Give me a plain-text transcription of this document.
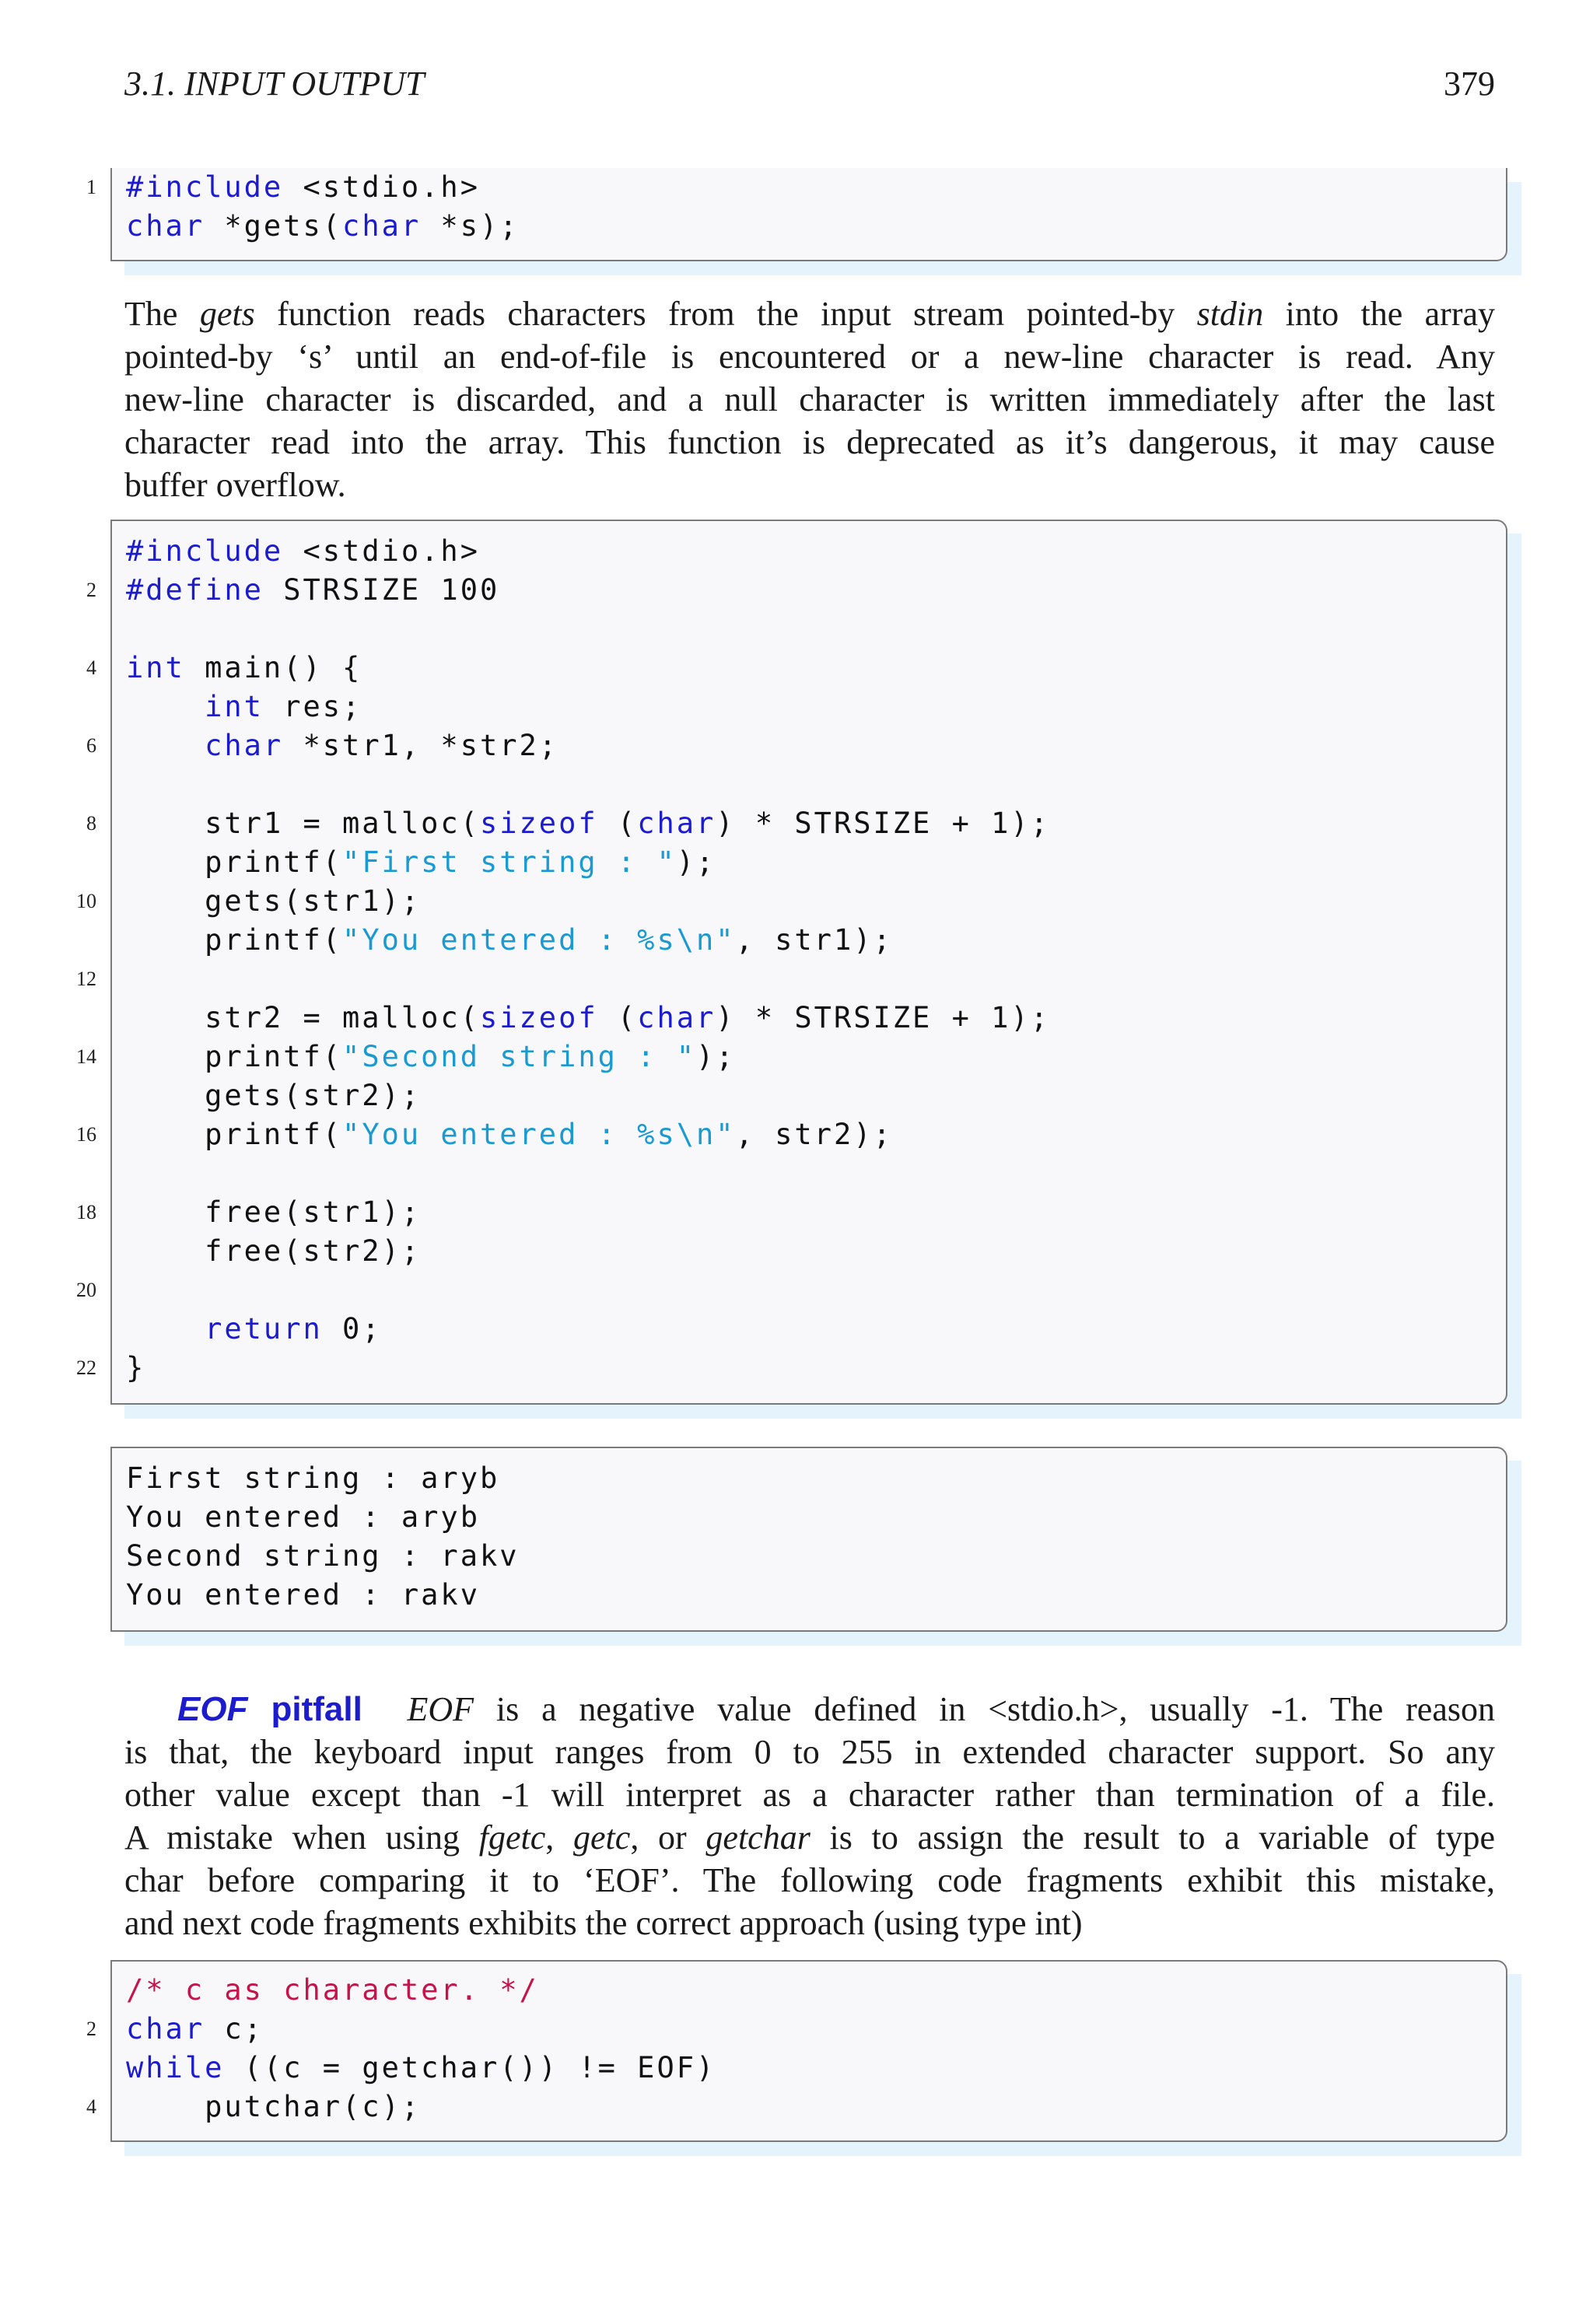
3.1. INPUT OUTPUT	379
1 #include <stdio.h>
char *gets(char *s);
The gets function reads characters from the input stream pointed-by stdin into the array
pointed-by ‘s’ until an end-of-file is encountered or a new-line character is read. Any
new-line character is discarded, and a null character is written immediately after the last
character read into the array. This function is deprecated as it’s dangerous, it may cause
buffer overflow.
#include <stdio.h>
2 #define STRSIZE 100
4 int main() {
int res;
6	char *str1, *str2;
8 str1 = malloc(sizeof (char) * STRSIZE + 1);
printf("First string : ");
10 gets(str1);
printf("You entered : %s\n", str1);
12
str2 = malloc(sizeof (char) * STRSIZE + 1);
14 printf("Second string : ");
gets(str2);
16 printf("You entered : %s\n", str2);
18 free(str1);
free(str2);
20
return 0;
22 }
First string : aryb
You entered : aryb
Second string : rakv
You entered : rakv
EOF pitfall EOF is a negative value defined in <stdio.h>, usually -1. The reason
is that, the keyboard input ranges from 0 to 255 in extended character support. So any
other value except than -1 will interpret as a character rather than termination of a file.
A mistake when using fgetc, getc, or getchar is to assign the result to a variable of type
char before comparing it to ‘EOF’. The following code fragments exhibit this mistake,
and next code fragments exhibits the correct approach (using type int)
/* c as character. */
2 char c;
while ((c = getchar()) != EOF)
4 putchar(c);
